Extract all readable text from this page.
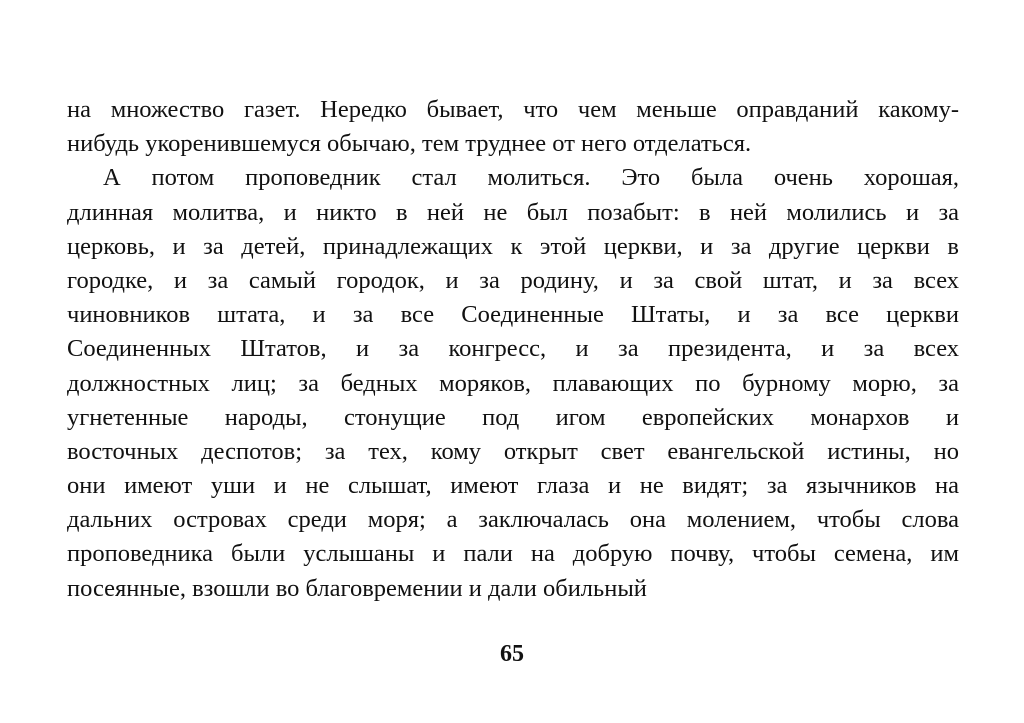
на множество газет. Нередко бывает, что чем меньше оправданий какому-
нибудь укоренившемуся обычаю, тем труднее от него отделаться.
А потом проповедник стал молиться. Это была очень хорошая,
длинная молитва, и никто в ней не был позабыт: в ней молились и за
церковь, и за детей, принадлежащих к этой церкви, и за другие церкви в
городке, и за самый городок, и за родину, и за свой штат, и за всех
чиновников штата, и за все Соединенные Штаты, и за все церкви
Соединенных Штатов, и за конгресс, и за президента, и за всех
должностных лиц; за бедных моряков, плавающих по бурному морю, за
угнетенные народы, стонущие под игом европейских монархов и
восточных деспотов; за тех, кому открыт свет евангельской истины, но
они имеют уши и не слышат, имеют глаза и не видят; за язычников на
дальних островах среди моря; а заключалась она молением, чтобы слова
проповедника были услышаны и пали на добрую почву, чтобы семена, им
посеянные, взошли во благовремении и дали обильный
65
